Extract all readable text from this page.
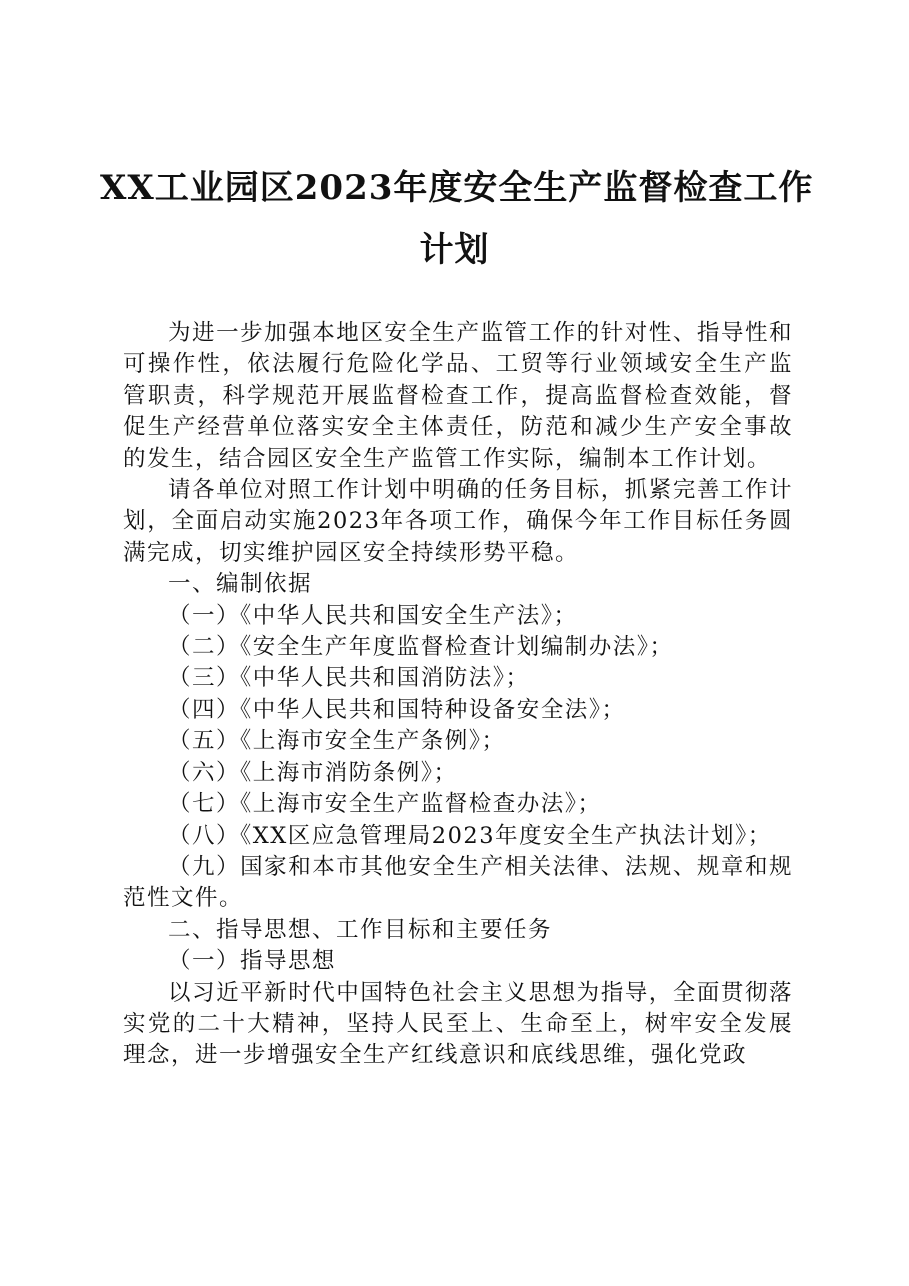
XX工业园区2023年度安全生产监督检查工作
计划

为进一步加强本地区安全生产监管工作的针对性、指导性和可操作性，依法履行危险化学品、工贸等行业领域安全生产监管职责，科学规范开展监督检查工作，提高监督检查效能，督促生产经营单位落实安全主体责任，防范和减少生产安全事故的发生，结合园区安全生产监管工作实际，编制本工作计划。

请各单位对照工作计划中明确的任务目标，抓紧完善工作计划，全面启动实施2023年各项工作，确保今年工作目标任务圆满完成，切实维护园区安全持续形势平稳。

一、编制依据

（一）《中华人民共和国安全生产法》；

（二）《安全生产年度监督检查计划编制办法》；

（三）《中华人民共和国消防法》；

（四）《中华人民共和国特种设备安全法》；

（五）《上海市安全生产条例》；

（六）《上海市消防条例》；

（七）《上海市安全生产监督检查办法》；

（八）《XX区应急管理局2023年度安全生产执法计划》；

（九）国家和本市其他安全生产相关法律、法规、规章和规范性文件。

二、指导思想、工作目标和主要任务

（一）指导思想

以习近平新时代中国特色社会主义思想为指导，全面贯彻落实党的二十大精神，坚持人民至上、生命至上，树牢安全发展理念，进一步增强安全生产红线意识和底线思维，强化党政
